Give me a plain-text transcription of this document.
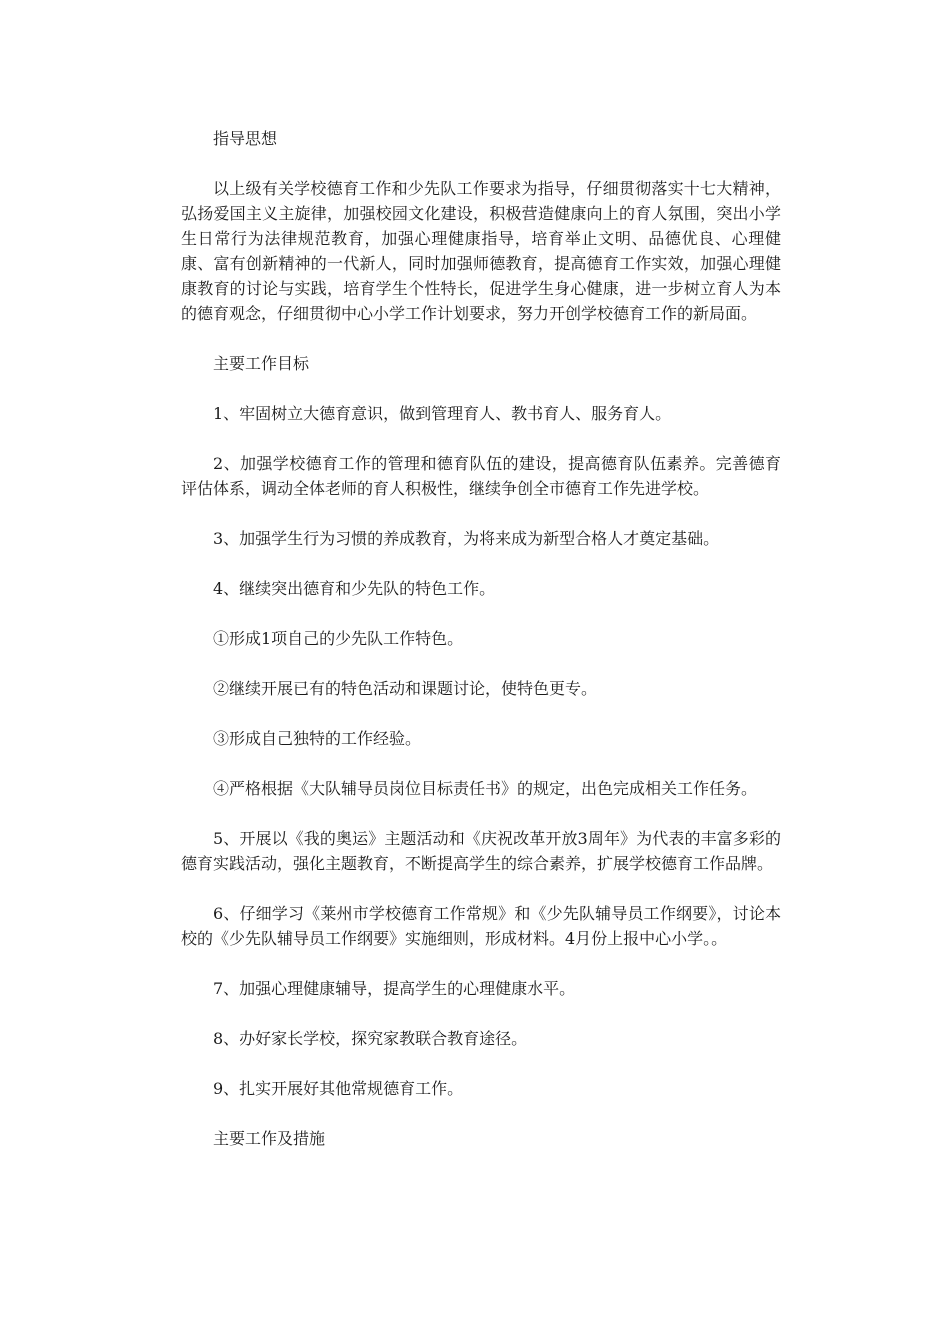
指导思想

以上级有关学校德育工作和少先队工作要求为指导，仔细贯彻落实十七大精神，弘扬爱国主义主旋律，加强校园文化建设，积极营造健康向上的育人氛围，突出小学生日常行为法律规范教育，加强心理健康指导，培育举止文明、品德优良、心理健康、富有创新精神的一代新人，同时加强师德教育，提高德育工作实效，加强心理健康教育的讨论与实践，培育学生个性特长，促进学生身心健康，进一步树立育人为本的德育观念，仔细贯彻中心小学工作计划要求，努力开创学校德育工作的新局面。

主要工作目标

1、牢固树立大德育意识，做到管理育人、教书育人、服务育人。

2、加强学校德育工作的管理和德育队伍的建设，提高德育队伍素养。完善德育评估体系，调动全体老师的育人积极性，继续争创全市德育工作先进学校。

3、加强学生行为习惯的养成教育，为将来成为新型合格人才奠定基础。

4、继续突出德育和少先队的特色工作。

①形成1项自己的少先队工作特色。

②继续开展已有的特色活动和课题讨论，使特色更专。

③形成自己独特的工作经验。

④严格根据《大队辅导员岗位目标责任书》的规定，出色完成相关工作任务。

5、开展以《我的奥运》主题活动和《庆祝改革开放3周年》为代表的丰富多彩的德育实践活动，强化主题教育，不断提高学生的综合素养，扩展学校德育工作品牌。

6、仔细学习《莱州市学校德育工作常规》和《少先队辅导员工作纲要》，讨论本校的《少先队辅导员工作纲要》实施细则，形成材料。4月份上报中心小学。。

7、加强心理健康辅导，提高学生的心理健康水平。

8、办好家长学校，探究家教联合教育途径。

9、扎实开展好其他常规德育工作。

主要工作及措施
